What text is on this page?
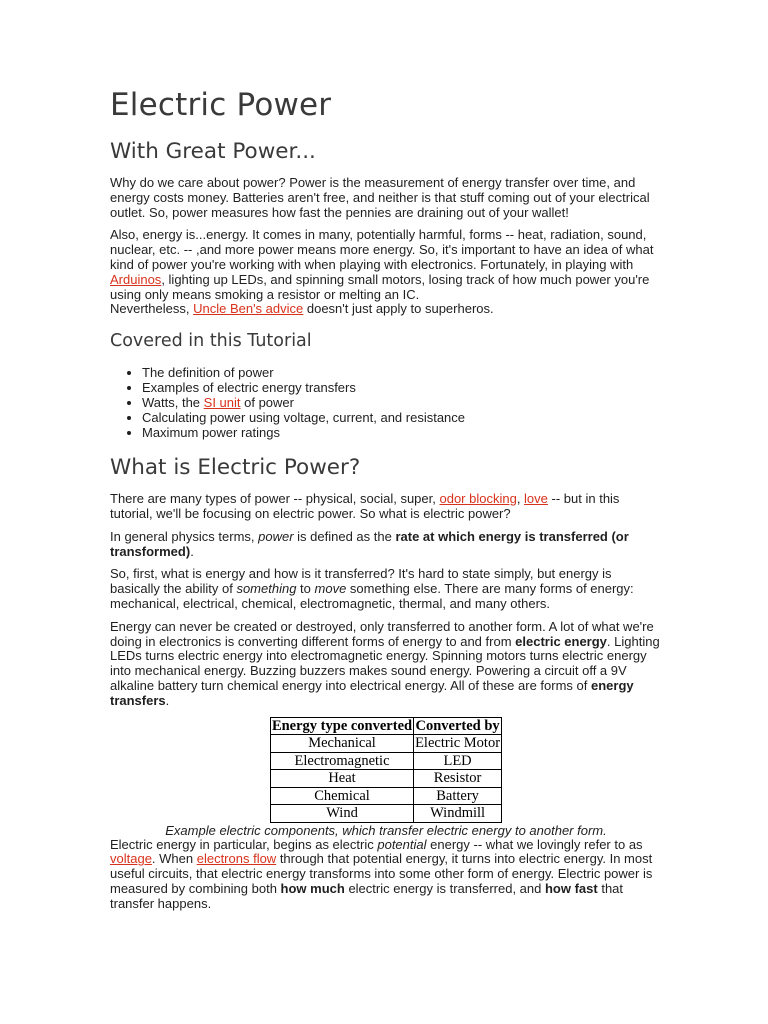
Electric Power
With Great Power...

Why do we care about power? Power is the measurement of energy transfer over time, and energy costs money. Batteries aren't free, and neither is that stuff coming out of your electrical outlet. So, power measures how fast the pennies are draining out of your wallet!

Also, energy is...energy. It comes in many, potentially harmful, forms -- heat, radiation, sound, nuclear, etc. -- ,and more power means more energy. So, it's important to have an idea of what kind of power you're working with when playing with electronics. Fortunately, in playing with Arduinos, lighting up LEDs, and spinning small motors, losing track of how much power you're using only means smoking a resistor or melting an IC.
Nevertheless, Uncle Ben's advice doesn't just apply to superheros.

Covered in this Tutorial
• The definition of power
• Examples of electric energy transfers
• Watts, the SI unit of power
• Calculating power using voltage, current, and resistance
• Maximum power ratings
What is Electric Power?

There are many types of power -- physical, social, super, odor blocking, love -- but in this tutorial, we'll be focusing on electric power. So what is electric power?

In general physics terms, power is defined as the rate at which energy is transferred (or transformed).

So, first, what is energy and how is it transferred? It's hard to state simply, but energy is basically the ability of something to move something else. There are many forms of energy: mechanical, electrical, chemical, electromagnetic, thermal, and many others.

Energy can never be created or destroyed, only transferred to another form. A lot of what we're doing in electronics is converting different forms of energy to and from electric energy. Lighting LEDs turns electric energy into electromagnetic energy. Spinning motors turns electric energy into mechanical energy. Buzzing buzzers makes sound energy. Powering a circuit off a 9V alkaline battery turn chemical energy into electrical energy. All of these are forms of energy transfers.

Energy type converted	Converted by
Mechanical	Electric Motor
Electromagnetic	LED
Heat	Resistor
Chemical	Battery
Wind	Windmill

Example electric components, which transfer electric energy to another form.

Electric energy in particular, begins as electric potential energy -- what we lovingly refer to as voltage. When electrons flow through that potential energy, it turns into electric energy. In most useful circuits, that electric energy transforms into some other form of energy. Electric power is measured by combining both how much electric energy is transferred, and how fast that transfer happens.
